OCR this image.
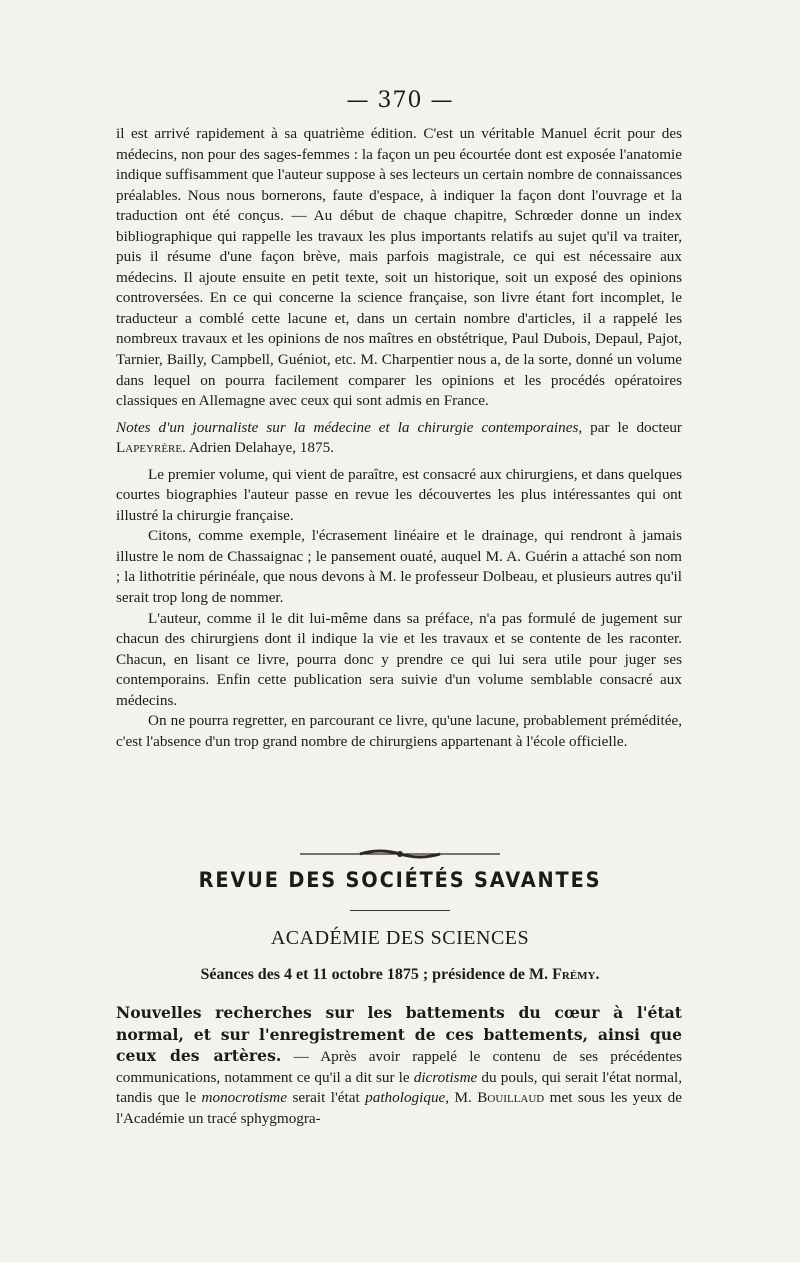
— 370 —

il est arrivé rapidement à sa quatrième édition. C'est un véritable Manuel écrit pour des médecins, non pour des sages-femmes : la façon un peu écourtée dont est exposée l'anatomie indique suffisamment que l'auteur suppose à ses lecteurs un certain nombre de connaissances préalables. Nous nous bornerons, faute d'espace, à indiquer la façon dont l'ouvrage et la traduction ont été conçus. — Au début de chaque chapitre, Schrœder donne un index bibliographique qui rappelle les travaux les plus importants relatifs au sujet qu'il va traiter, puis il résume d'une façon brève, mais parfois magistrale, ce qui est nécessaire aux médecins. Il ajoute ensuite en petit texte, soit un historique, soit un exposé des opinions controversées. En ce qui concerne la science française, son livre étant fort incomplet, le traducteur a comblé cette lacune et, dans un certain nombre d'articles, il a rappelé les nombreux travaux et les opinions de nos maîtres en obstétrique, Paul Dubois, Depaul, Pajot, Tarnier, Bailly, Campbell, Guéniot, etc. M. Charpentier nous a, de la sorte, donné un volume dans lequel on pourra facilement comparer les opinions et les procédés opératoires classiques en Allemagne avec ceux qui sont admis en France.

Notes d'un journaliste sur la médecine et la chirurgie contemporaines, par le docteur Lapeyrère. Adrien Delahaye, 1875.

Le premier volume, qui vient de paraître, est consacré aux chirurgiens, et dans quelques courtes biographies l'auteur passe en revue les découvertes les plus intéressantes qui ont illustré la chirurgie française.

Citons, comme exemple, l'écrasement linéaire et le drainage, qui rendront à jamais illustre le nom de Chassaignac ; le pansement ouaté, auquel M. A. Guérin a attaché son nom ; la lithotritie périnéale, que nous devons à M. le professeur Dolbeau, et plusieurs autres qu'il serait trop long de nommer.

L'auteur, comme il le dit lui-même dans sa préface, n'a pas formulé de jugement sur chacun des chirurgiens dont il indique la vie et les travaux et se contente de les raconter. Chacun, en lisant ce livre, pourra donc y prendre ce qui lui sera utile pour juger ses contemporains. Enfin cette publication sera suivie d'un volume semblable consacré aux médecins.

On ne pourra regretter, en parcourant ce livre, qu'une lacune, probablement préméditée, c'est l'absence d'un trop grand nombre de chirurgiens appartenant à l'école officielle.

REVUE DES SOCIÉTÉS SAVANTES
ACADÉMIE DES SCIENCES
Séances des 4 et 11 octobre 1875 ; présidence de M. Frémy.
Nouvelles recherches sur les battements du cœur à l'état normal, et sur l'enregistrement de ces battements, ainsi que ceux des artères. — Après avoir rappelé le contenu de ses précédentes communications, notamment ce qu'il a dit sur le dicrotisme du pouls, qui serait l'état normal, tandis que le monocrotisme serait l'état pathologique, M. Bouillaud met sous les yeux de l'Académie un tracé sphygmogra-
